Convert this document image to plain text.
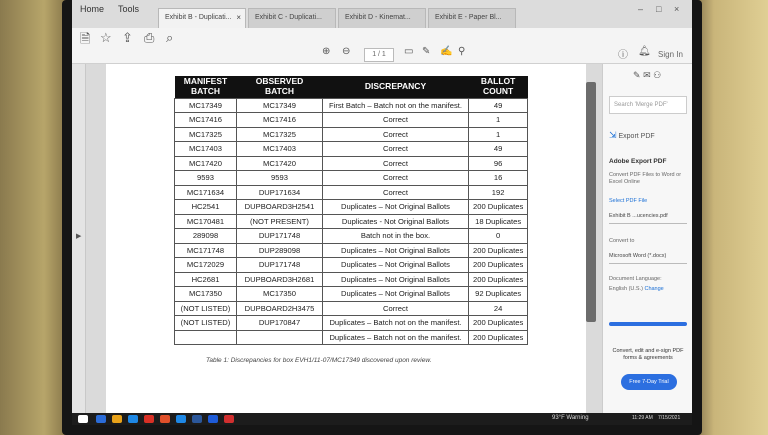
Home Tools
Exhibit B - Duplicati... ×	Exhibit C - Duplicati...	Exhibit D - Kinemat...	Exhibit E - Paper Bl...
– □ ×
🗎 ☆ ⇪ ⎙ ⌕
⊕ ⊖	1 / 1	▭ ✎ ✍ ⚲	ⓘ 🔔︎ Sign In
▶
MANIFEST BATCH	OBSERVED BATCH	DISCREPANCY	BALLOT COUNT
MC17349	MC17349	First Batch – Batch not on the manifest.	49
MC17416	MC17416	Correct	1
MC17325	MC17325	Correct	1
MC17403	MC17403	Correct	49
MC17420	MC17420	Correct	96
9593	9593	Correct	16
MC171634	DUP171634	Correct	192
HC2541	DUPBOARD3H2541	Duplicates – Not Original Ballots	200 Duplicates
MC170481	(NOT PRESENT)	Duplicates - Not Original Ballots	18 Duplicates
289098	DUP171748	Batch not in the box.	0
MC171748	DUP289098	Duplicates – Not Original Ballots	200 Duplicates
MC172029	DUP171748	Duplicates – Not Original Ballots	200 Duplicates
HC2681	DUPBOARD3H2681	Duplicates – Not Original Ballots	200 Duplicates
MC17350	MC17350	Duplicates – Not Original Ballots	92 Duplicates
(NOT LISTED)	DUPBOARD2H3475	Correct	24
(NOT LISTED)	DUP170847	Duplicates – Batch not on the manifest.	200 Duplicates
		Duplicates – Batch not on the manifest.	200 Duplicates
Table 1: Discrepancies for box EVH1/11-07/MC17349 discovered upon review.
✎ ✉ ⚇
Search 'Merge PDF'
⇲ Export PDF
Adobe Export PDF
Convert PDF Files to Word or Excel Online
Select PDF File
Exhibit B ...ucencies.pdf
Convert to
Microsoft Word (*.docx)
Document Language:
English (U.S.) Change
Convert, edit and e-sign PDF forms & agreements
Free 7-Day Trial
93°F Warning	11:29 AM 7/15/2021
